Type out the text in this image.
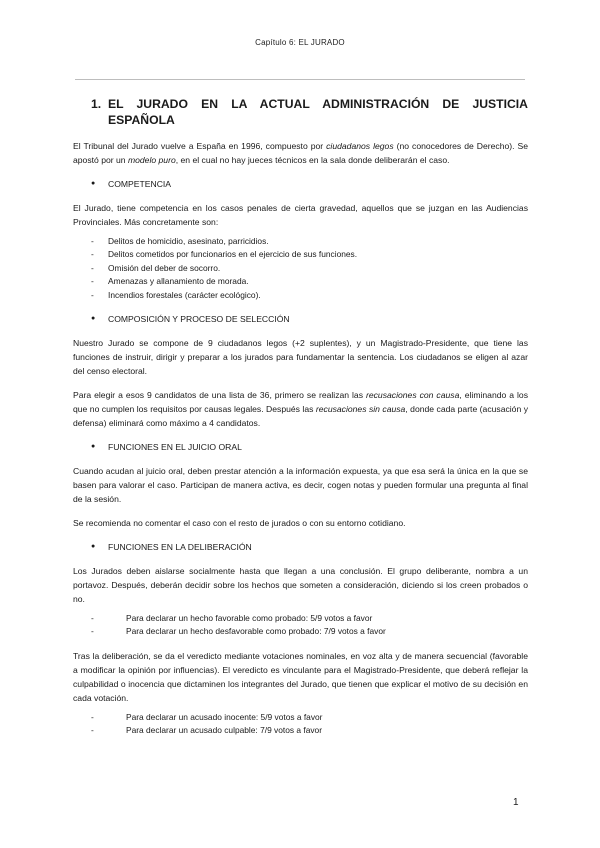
Capítulo 6: EL JURADO
1. EL JURADO EN LA ACTUAL ADMINISTRACIÓN DE JUSTICIA ESPAÑOLA

El Tribunal del Jurado vuelve a España en 1996, compuesto por ciudadanos legos (no conocedores de Derecho). Se apostó por un modelo puro, en el cual no hay jueces técnicos en la sala donde deliberarán el caso.

●	COMPETENCIA

El Jurado, tiene competencia en los casos penales de cierta gravedad, aquellos que se juzgan en las Audiencias Provinciales. Más concretamente son:

-	Delitos de homicidio, asesinato, parricidios.
-	Delitos cometidos por funcionarios en el ejercicio de sus funciones.
-	Omisión del deber de socorro.
-	Amenazas y allanamiento de morada.
-	Incendios forestales (carácter ecológico).
●	COMPOSICIÓN Y PROCESO DE SELECCIÓN

Nuestro Jurado se compone de 9 ciudadanos legos (+2 suplentes), y un Magistrado-Presidente, que tiene las funciones de instruir, dirigir y preparar a los jurados para fundamentar la sentencia. Los ciudadanos se eligen al azar del censo electoral.

Para elegir a esos 9 candidatos de una lista de 36, primero se realizan las recusaciones con causa, eliminando a los que no cumplen los requisitos por causas legales. Después las recusaciones sin causa, donde cada parte (acusación y defensa) eliminará como máximo a 4 candidatos.

●	FUNCIONES EN EL JUICIO ORAL

Cuando acudan al juicio oral, deben prestar atención a la información expuesta, ya que esa será la única en la que se basen para valorar el caso. Participan de manera activa, es decir, cogen notas y pueden formular una pregunta al final de la sesión.

Se recomienda no comentar el caso con el resto de jurados o con su entorno cotidiano.

●	FUNCIONES EN LA DELIBERACIÓN

Los Jurados deben aislarse socialmente hasta que llegan a una conclusión. El grupo deliberante, nombra a un portavoz. Después, deberán decidir sobre los hechos que someten a consideración, diciendo si los creen probados o no.

-	Para declarar un hecho favorable como probado: 5/9 votos a favor
-	Para declarar un hecho desfavorable como probado: 7/9 votos a favor

Tras la deliberación, se da el veredicto mediante votaciones nominales, en voz alta y de manera secuencial (favorable a modificar la opinión por influencias). El veredicto es vinculante para el Magistrado-Presidente, que deberá reflejar la culpabilidad o inocencia que dictaminen los integrantes del Jurado, que tienen que explicar el motivo de su decisión en cada votación.

-	Para declarar un acusado inocente: 5/9 votos a favor
-	Para declarar un acusado culpable: 7/9 votos a favor
1
